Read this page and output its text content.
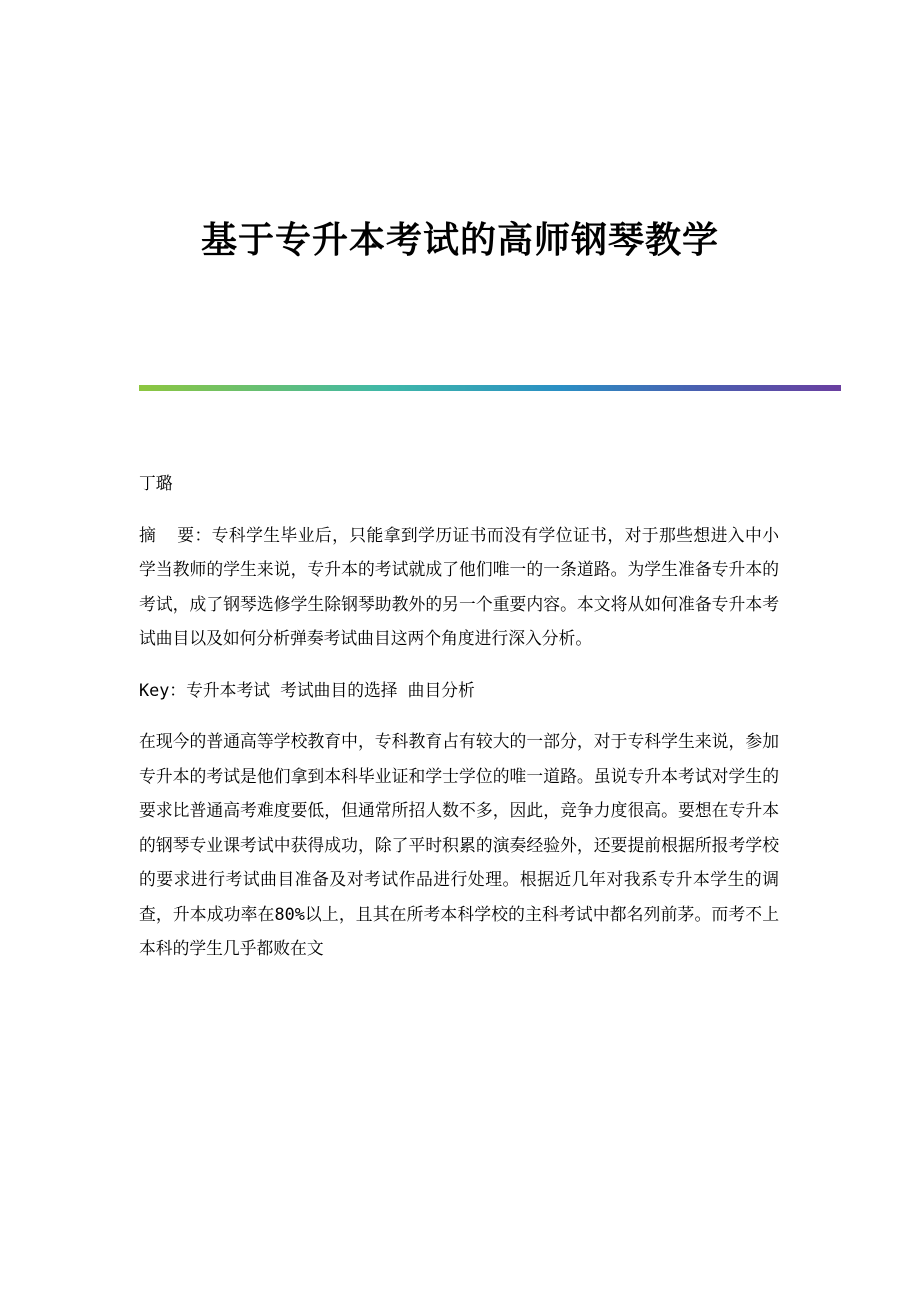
基于专升本考试的高师钢琴教学

丁璐

摘  要：专科学生毕业后，只能拿到学历证书而没有学位证书，对于那些想进入中小学当教师的学生来说，专升本的考试就成了他们唯一的一条道路。为学生准备专升本的考试，成了钢琴选修学生除钢琴助教外的另一个重要内容。本文将从如何准备专升本考试曲目以及如何分析弹奏考试曲目这两个角度进行深入分析。

Key：专升本考试 考试曲目的选择 曲目分析

在现今的普通高等学校教育中，专科教育占有较大的一部分，对于专科学生来说，参加专升本的考试是他们拿到本科毕业证和学士学位的唯一道路。虽说专升本考试对学生的要求比普通高考难度要低，但通常所招人数不多，因此，竞争力度很高。要想在专升本的钢琴专业课考试中获得成功，除了平时积累的演奏经验外，还要提前根据所报考学校的要求进行考试曲目准备及对考试作品进行处理。根据近几年对我系专升本学生的调查，升本成功率在80%以上，且其在所考本科学校的主科考试中都名列前茅。而考不上本科的学生几乎都败在文
